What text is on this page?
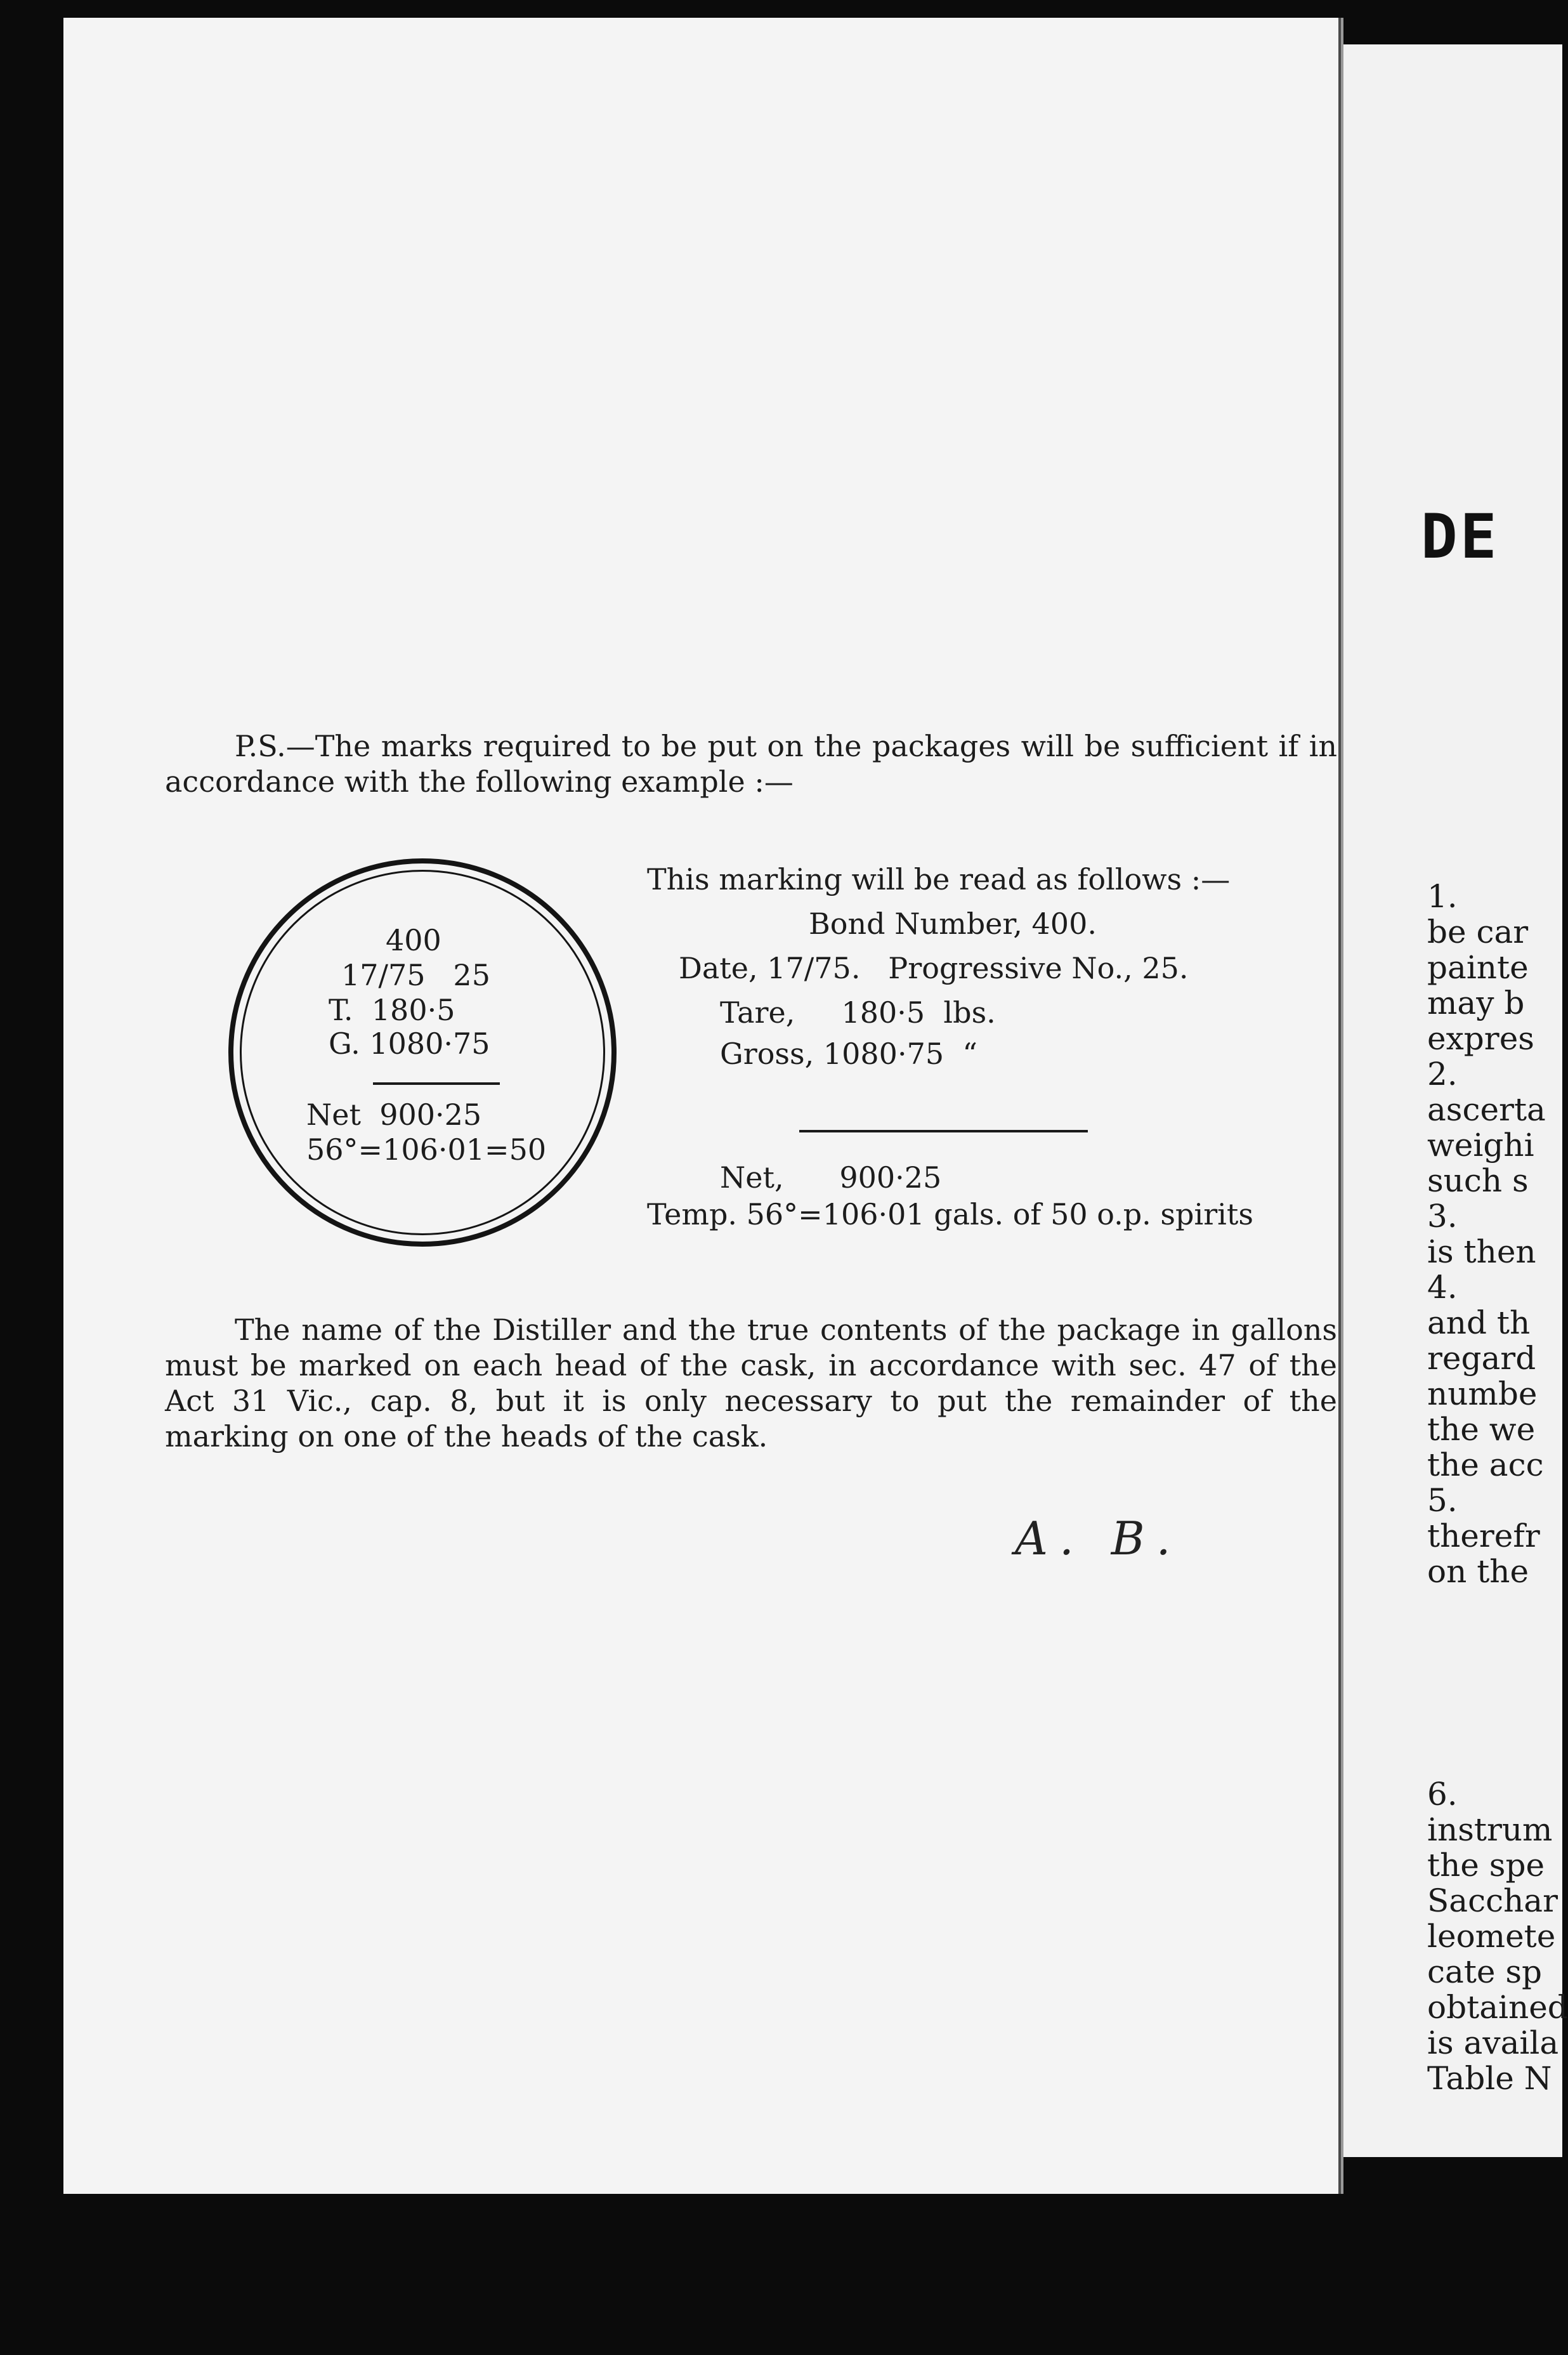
DE
1.
be car
painte
may b
expres
2.
ascerta
weighi
such s
3.
is then
4.
and th
regard
numbe
the we
the acc
5.
therefr
on the
6.
instrum
the spe
Sacchar
leomete
cate sp
obtained
is availa
Table N
P.S.—The marks required to be put on the packages will be sufficient if in accordance with the following example :—
400
17/75   25
T.  180·5
G. 1080·75
Net  900·25
56°=106·01=50
This marking will be read as follows :—
Bond Number, 400.
Date, 17/75.   Progressive No., 25.
Tare,     180·5  lbs.
Gross, 1080·75  “
Net,      900·25
Temp. 56°=106·01 gals. of 50 o.p. spirits
The name of the Distiller and the true contents of the package in gallons must be marked on each head of the cask, in accordance with sec. 47 of the Act 31 Vic., cap. 8, but it is only necessary to put the remainder of the marking on one of the heads of the cask.
A. B.
